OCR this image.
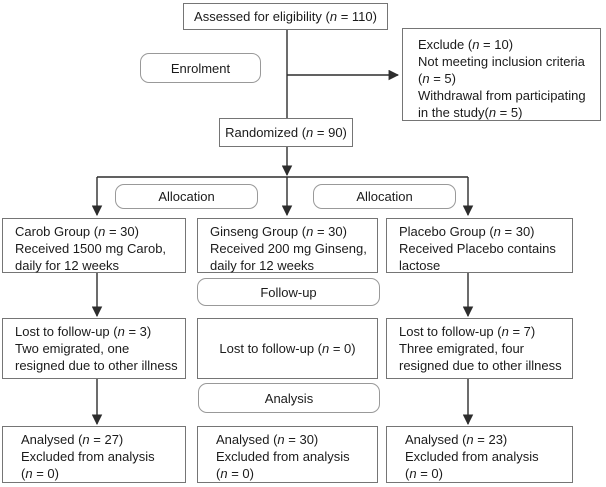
Assessed for eligibility (n = 110)
Enrolment
Exclude (n = 10)
Not meeting inclusion criteria (n = 5)
Withdrawal from participating in the study(n = 5)
Randomized (n = 90)
Allocation	Allocation
Carob Group (n = 30)
Received 1500 mg Carob,
daily for 12 weeks
Ginseng Group (n = 30)
Received 200 mg Ginseng,
daily for 12 weeks
Placebo Group (n = 30)
Received Placebo contains
lactose
Follow-up
Lost to follow-up (n = 3)
Two emigrated, one
resigned due to other illness
Lost to follow-up (n = 0)
Lost to follow-up (n = 7)
Three emigrated, four
resigned due to other illness
Analysis
Analysed (n = 27)
Excluded from analysis
(n = 0)
Analysed (n = 30)
Excluded from analysis
(n = 0)
Analysed (n = 23)
Excluded from analysis
(n = 0)
